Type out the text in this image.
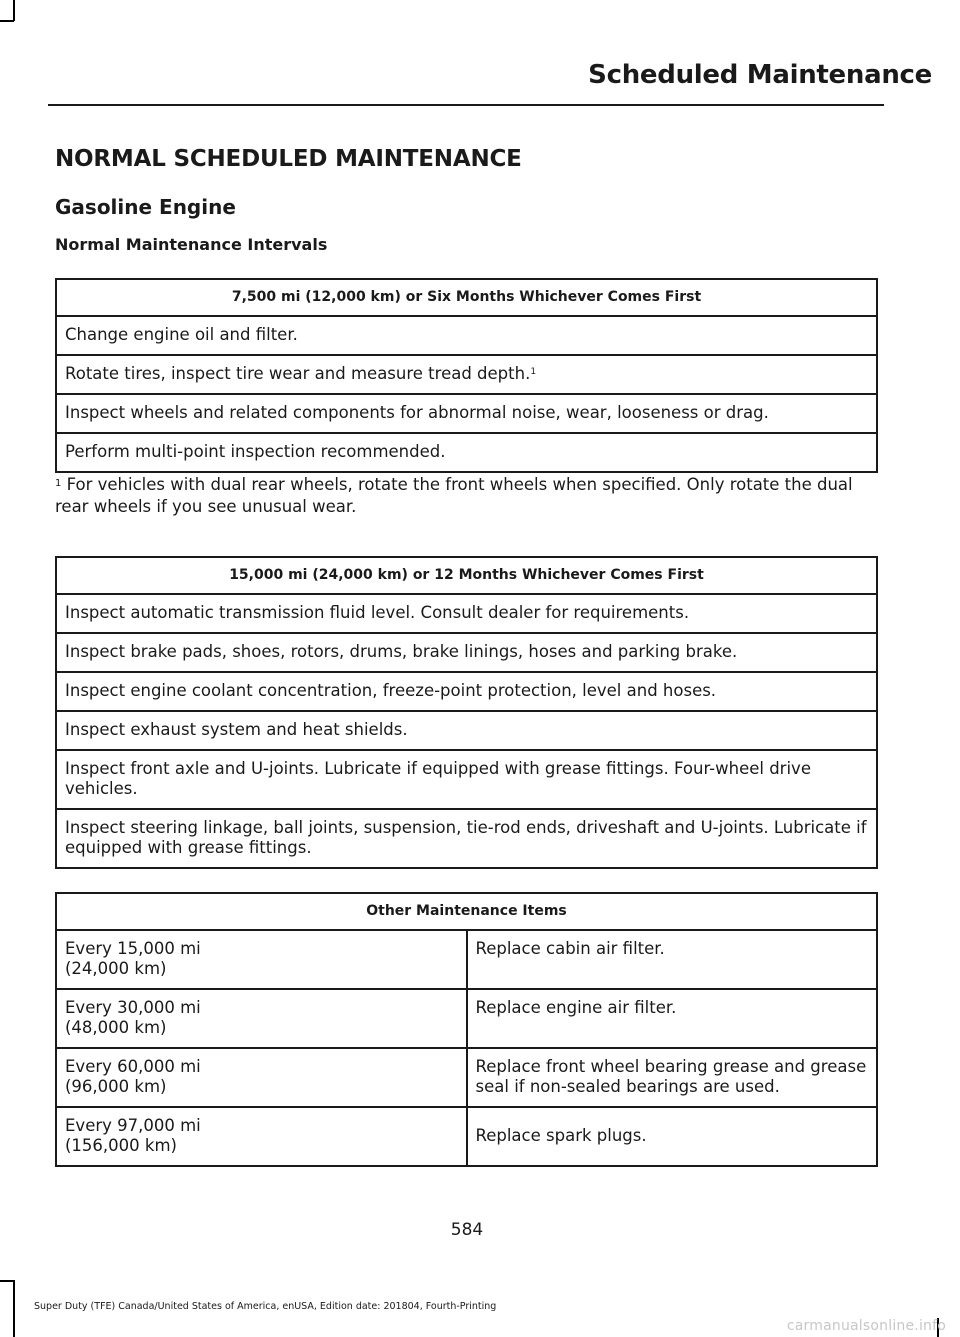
Scheduled Maintenance
NORMAL SCHEDULED MAINTENANCE
Gasoline Engine
Normal Maintenance Intervals
7,500 mi (12,000 km) or Six Months Whichever Comes First
Change engine oil and filter.
Rotate tires, inspect tire wear and measure tread depth.$^1$
Inspect wheels and related components for abnormal noise, wear, looseness or drag.
Perform multi-point inspection recommended.
$^1$ For vehicles with dual rear wheels, rotate the front wheels when specified. Only rotate the dual rear wheels if you see unusual wear.
15,000 mi (24,000 km) or 12 Months Whichever Comes First
Inspect automatic transmission fluid level. Consult dealer for requirements.
Inspect brake pads, shoes, rotors, drums, brake linings, hoses and parking brake.
Inspect engine coolant concentration, freeze-point protection, level and hoses.
Inspect exhaust system and heat shields.
Inspect front axle and U-joints. Lubricate if equipped with grease fittings. Four-wheel drive vehicles.
Inspect steering linkage, ball joints, suspension, tie-rod ends, driveshaft and U-joints. Lubricate if equipped with grease fittings.
Other Maintenance Items	
Every 15,000 mi
(24,000 km)	Replace cabin air filter.
Every 30,000 mi
(48,000 km)	Replace engine air filter.
Every 60,000 mi
(96,000 km)	Replace front wheel bearing grease and grease seal if non-sealed bearings are used.
Every 97,000 mi
(156,000 km)	Replace spark plugs.
584
Super Duty (TFE) Canada/United States of America, enUSA, Edition date: 201804, Fourth-Printing
carmanualsonline.info
